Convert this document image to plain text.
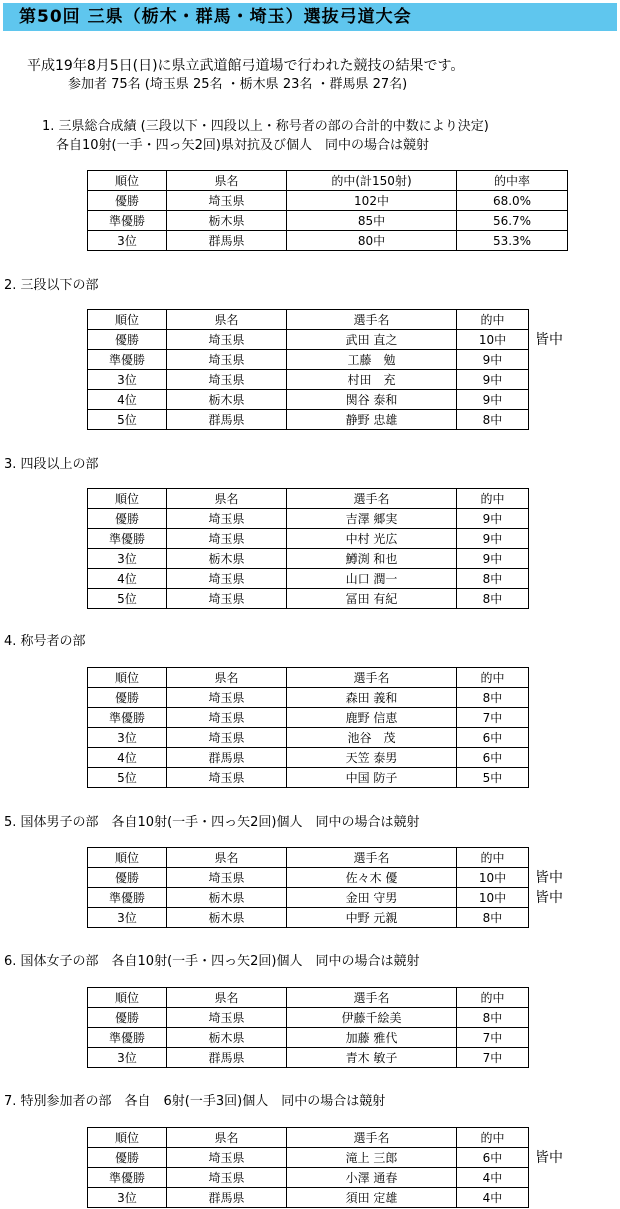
第50回 三県（栃木・群馬・埼玉）選抜弓道大会
平成19年8月5日(日)に県立武道館弓道場で行われた競技の結果です。
参加者 75名 (埼玉県 25名 ・栃木県 23名 ・群馬県 27名)
1. 三県総合成績 (三段以下・四段以上・称号者の部の合計的中数により決定)
各自10射(一手・四っ矢2回)県対抗及び個人　同中の場合は競射
順位	県名	的中(計150射)	的中率
優勝	埼玉県	102中	68.0%
準優勝	栃木県	85中	56.7%
3位	群馬県	80中	53.3%
2. 三段以下の部
順位	県名	選手名	的中
優勝	埼玉県	武田 直之	10中
準優勝	埼玉県	工藤　勉	9中
3位	埼玉県	村田　充	9中
4位	栃木県	関谷 泰和	9中
5位	群馬県	静野 忠雄	8中
皆中
3. 四段以上の部
順位	県名	選手名	的中
優勝	埼玉県	吉澤 郷実	9中
準優勝	埼玉県	中村 光広	9中
3位	栃木県	鱒渕 和也	9中
4位	埼玉県	山口 潤一	8中
5位	埼玉県	冨田 有紀	8中
4. 称号者の部
順位	県名	選手名	的中
優勝	埼玉県	森田 義和	8中
準優勝	埼玉県	鹿野 信恵	7中
3位	埼玉県	池谷　茂	6中
4位	群馬県	天笠 泰男	6中
5位	埼玉県	中国 防子	5中
5. 国体男子の部　各自10射(一手・四っ矢2回)個人　同中の場合は競射
順位	県名	選手名	的中
優勝	埼玉県	佐々木 優	10中
準優勝	栃木県	金田 守男	10中
3位	栃木県	中野 元親	8中
皆中
皆中
6. 国体女子の部　各自10射(一手・四っ矢2回)個人　同中の場合は競射
順位	県名	選手名	的中
優勝	埼玉県	伊藤千絵美	8中
準優勝	栃木県	加藤 雅代	7中
3位	群馬県	青木 敏子	7中
7. 特別参加者の部　各自　6射(一手3回)個人　同中の場合は競射
順位	県名	選手名	的中
優勝	埼玉県	滝上 三郎	6中
準優勝	埼玉県	小澤 通春	4中
3位	群馬県	須田 定雄	4中
皆中
